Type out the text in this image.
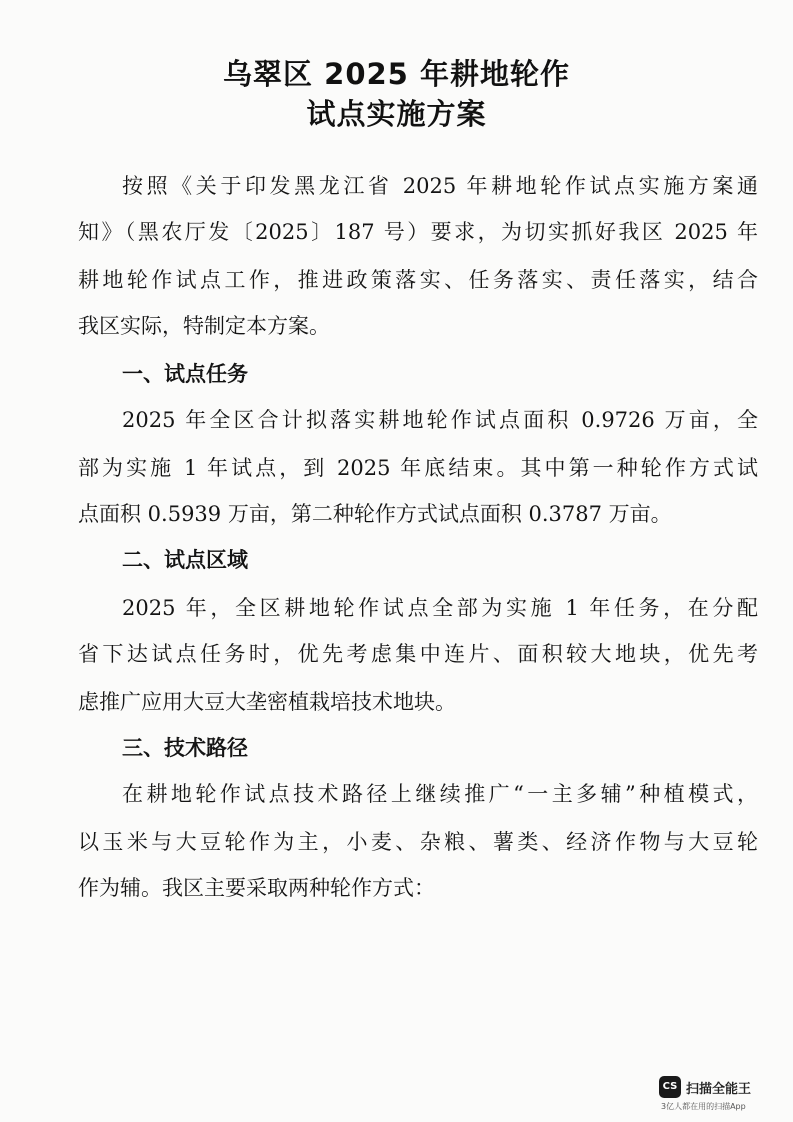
乌翠区 2025 年耕地轮作
试点实施方案
按照《关于印发黑龙江省 2025 年耕地轮作试点实施方案通
知》（黑农厅发〔2025〕187 号）要求，为切实抓好我区 2025 年
耕地轮作试点工作，推进政策落实、任务落实、责任落实，结合
我区实际，特制定本方案。
一、试点任务
2025 年全区合计拟落实耕地轮作试点面积 0.9726 万亩，全
部为实施 1 年试点，到 2025 年底结束。其中第一种轮作方式试
点面积 0.5939 万亩，第二种轮作方式试点面积 0.3787 万亩。
二、试点区域
2025 年，全区耕地轮作试点全部为实施 1 年任务，在分配
省下达试点任务时，优先考虑集中连片、面积较大地块，优先考
虑推广应用大豆大垄密植栽培技术地块。
三、技术路径
在耕地轮作试点技术路径上继续推广“一主多辅”种植模式，
以玉米与大豆轮作为主，小麦、杂粮、薯类、经济作物与大豆轮
作为辅。我区主要采取两种轮作方式：
CS 扫描全能王
3亿人都在用的扫描App
